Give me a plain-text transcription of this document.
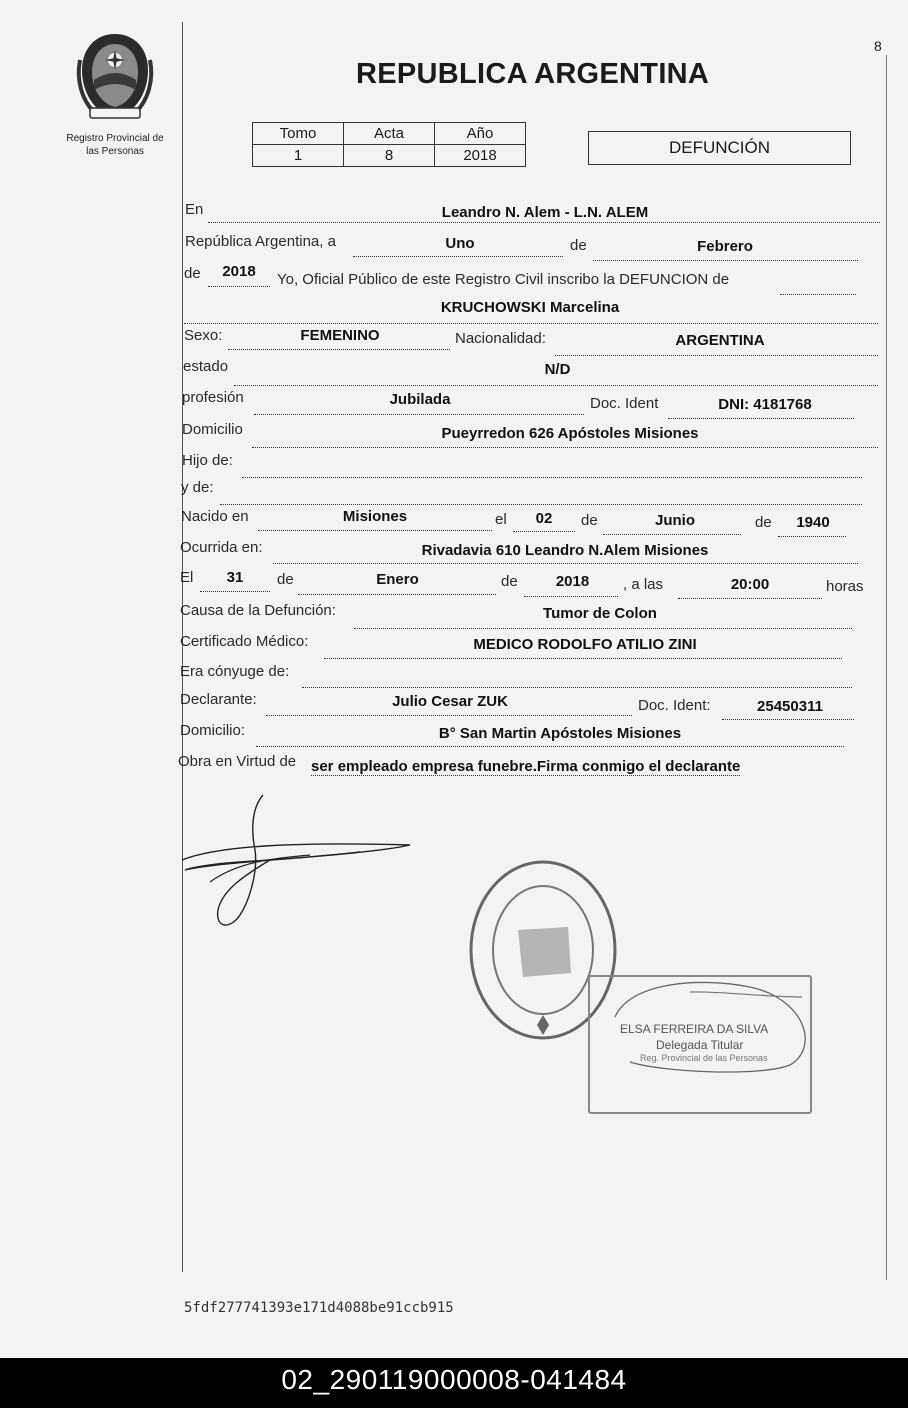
8
Registro Provincial de
las Personas
REPUBLICA ARGENTINA
Tomo	Acta	Año
1	8	2018	DEFUNCIÓN
En	Leandro N. Alem - L.N. ALEM
República Argentina, a	Uno	de	Febrero
de	2018	Yo, Oficial Público de este Registro Civil inscribo la DEFUNCION de
KRUCHOWSKI Marcelina
Sexo:	FEMENINO	Nacionalidad:	ARGENTINA
estado	N/D
profesión	Jubilada	Doc. Ident	DNI: 4181768
Domicilio	Pueyrredon 626 Apóstoles Misiones
Hijo de:
y de:
Nacido en	Misiones	el	02	de	Junio	de	1940
Ocurrida en:	Rivadavia 610 Leandro N.Alem Misiones
El	31	de	Enero	de	2018	, a las	20:00	horas
Causa de la Defunción:	Tumor de Colon
Certificado Médico:	MEDICO RODOLFO ATILIO ZINI
Era cónyuge de:
Declarante:	Julio Cesar ZUK	Doc. Ident:	25450311
Domicilio:	B° San Martin Apóstoles Misiones
Obra en Virtud de ser empleado empresa funebre.Firma conmigo el declarante
ELSA FERREIRA DA SILVA
Delegada Titular
Reg. Provincial de las Personas
5fdf277741393e171d4088be91ccb915
02_290119000008-041484
